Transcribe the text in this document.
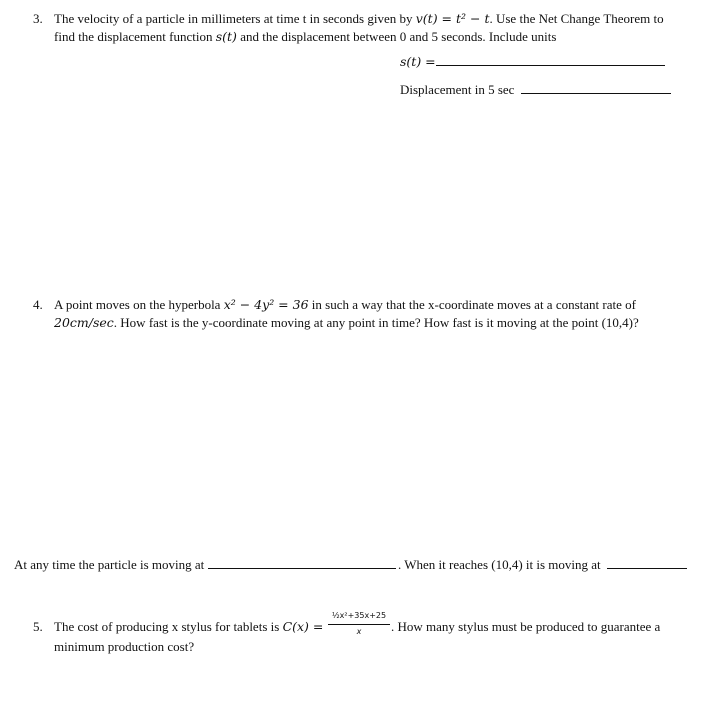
3. The velocity of a particle in millimeters at time t in seconds given by v(t) = t² − t. Use the Net Change Theorem to
find the displacement function s(t) and the displacement between 0 and 5 seconds. Include units
s(t) =
Displacement in 5 sec
4. A point moves on the hyperbola x² − 4y² = 36 in such a way that the x-coordinate moves at a constant rate of
20cm/sec. How fast is the y-coordinate moving at any point in time? How fast is it moving at the point (10,4)?
At any time the particle is moving at	. When it reaches (10,4) it is moving at
5. The cost of producing x stylus for tablets is C(x) =
½x²+35x+25
x	. How many stylus must be produced to guarantee a
minimum production cost?
